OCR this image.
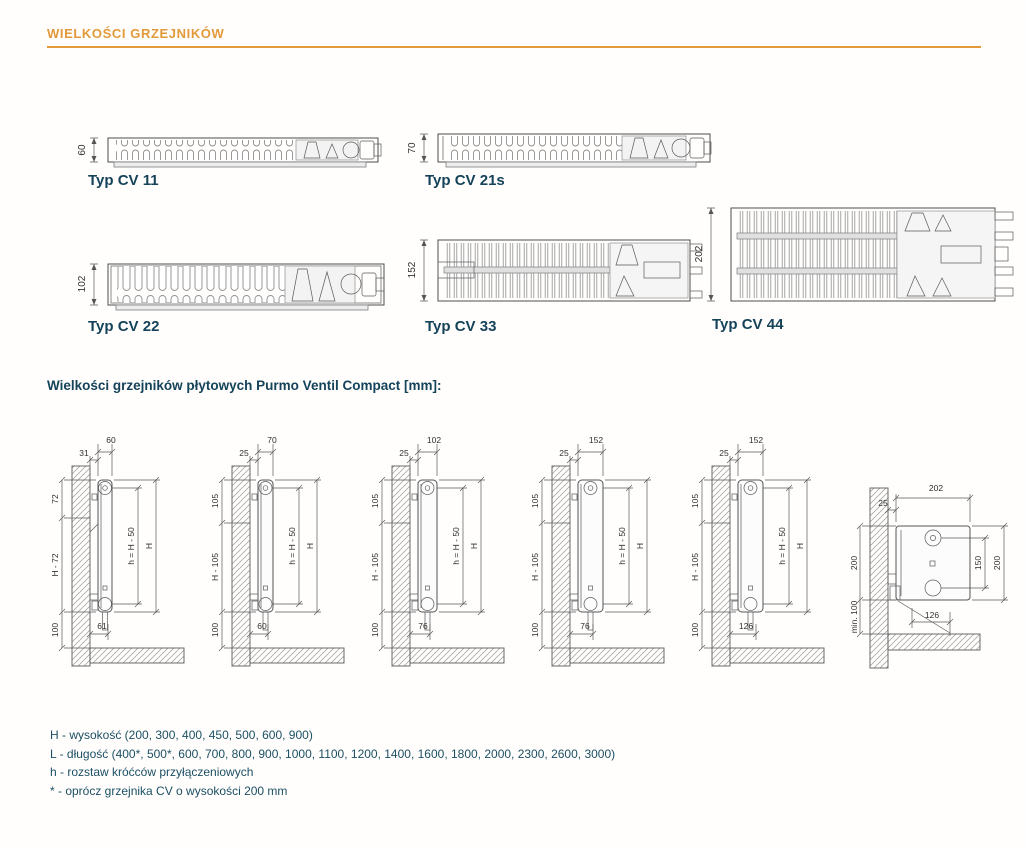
WIELKOŚCI GRZEJNIKÓW
60
Typ CV 11
70
Typ CV 21s
102
Typ CV 22
152
Typ CV 33
202
Typ CV 44
Wielkości grzejników płytowych Purmo Ventil Compact [mm]:
60
31
72
H - 72
100
h = H - 50 H
61
70
25
105
H - 105
100
h = H - 50 H
60
102
25
105
H - 105
100
h = H - 50 H
76
152
25
105
H - 105
100
h = H - 50 H
76
152
25
105
H - 105
100
h = H - 50 H
126
202
25
150 200
200
min. 100	126

H - wysokość (200, 300, 400, 450, 500, 600, 900)

L - długość (400*, 500*, 600, 700, 800, 900, 1000, 1100, 1200, 1400, 1600, 1800, 2000, 2300, 2600, 3000)

h - rozstaw króćców przyłączeniowych

* - oprócz grzejnika CV o wysokości 200 mm
